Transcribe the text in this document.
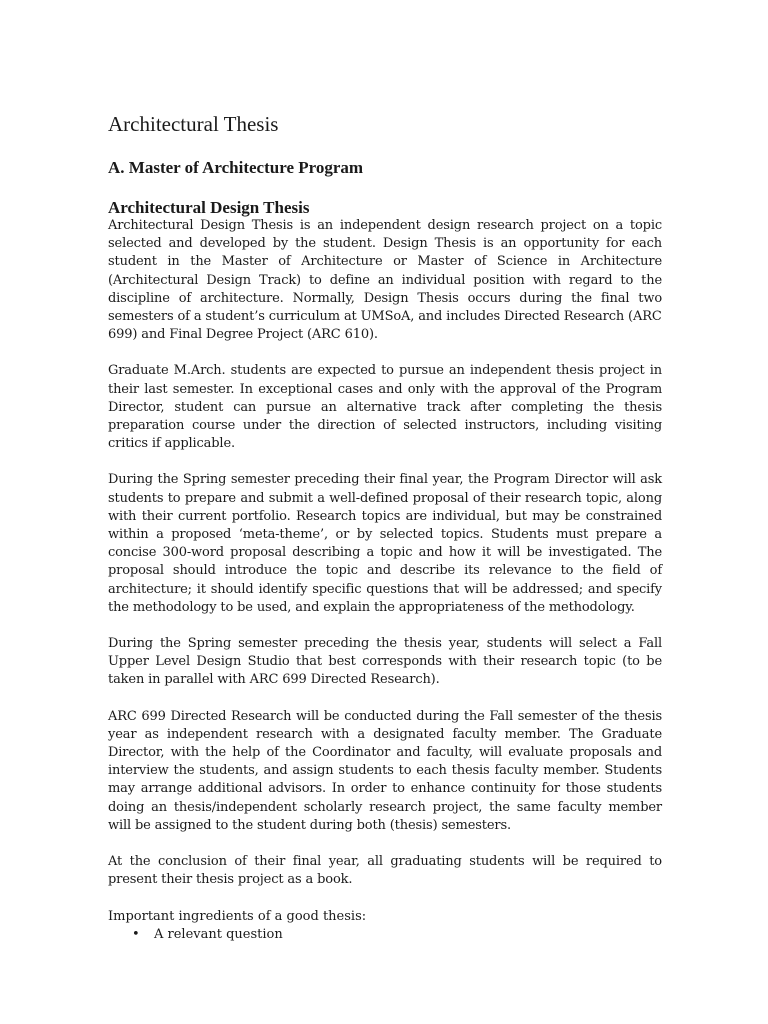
Architectural Thesis
A. Master of Architecture Program
Architectural Design Thesis

Architectural Design Thesis is an independent design research project on a topic selected and developed by the student. Design Thesis is an opportunity for each student in the Master of Architecture or Master of Science in Architecture (Architectural Design Track) to define an individual position with regard to the discipline of architecture. Normally, Design Thesis occurs during the final two semesters of a student’s curriculum at UMSoA, and includes Directed Research (ARC
699) and Final Degree Project (ARC 610).

Graduate M.Arch. students are expected to pursue an independent thesis project in their last semester. In exceptional cases and only with the approval of the Program Director, student can pursue an alternative track after completing the thesis preparation course under the direction of selected instructors, including visiting critics if applicable.

During the Spring semester preceding their final year, the Program Director will ask students to prepare and submit a well-defined proposal of their research topic, along with their current portfolio. Research topics are individual, but may be constrained within a proposed ‘meta-theme’, or by selected topics. Students must prepare a concise 300-word proposal describing a topic and how it will be investigated. The proposal should introduce the topic and describe its relevance to the field of architecture; it should identify specific questions that will be addressed; and specify the methodology to be used, and explain the appropriateness of the methodology.

During the Spring semester preceding the thesis year, students will select a Fall Upper Level Design Studio that best corresponds with their research topic (to be taken in parallel with ARC 699 Directed Research).

ARC 699 Directed Research will be conducted during the Fall semester of the thesis year as independent research with a designated faculty member. The Graduate Director, with the help of the Coordinator and faculty, will evaluate proposals and interview the students, and assign students to each thesis faculty member. Students may arrange additional advisors. In order to enhance continuity for those students doing an thesis/independent scholarly research project, the same faculty member will be assigned to the student during both (thesis) semesters.

At the conclusion of their final year, all graduating students will be required to present their thesis project as a book.

Important ingredients of a good thesis:

• A relevant question
